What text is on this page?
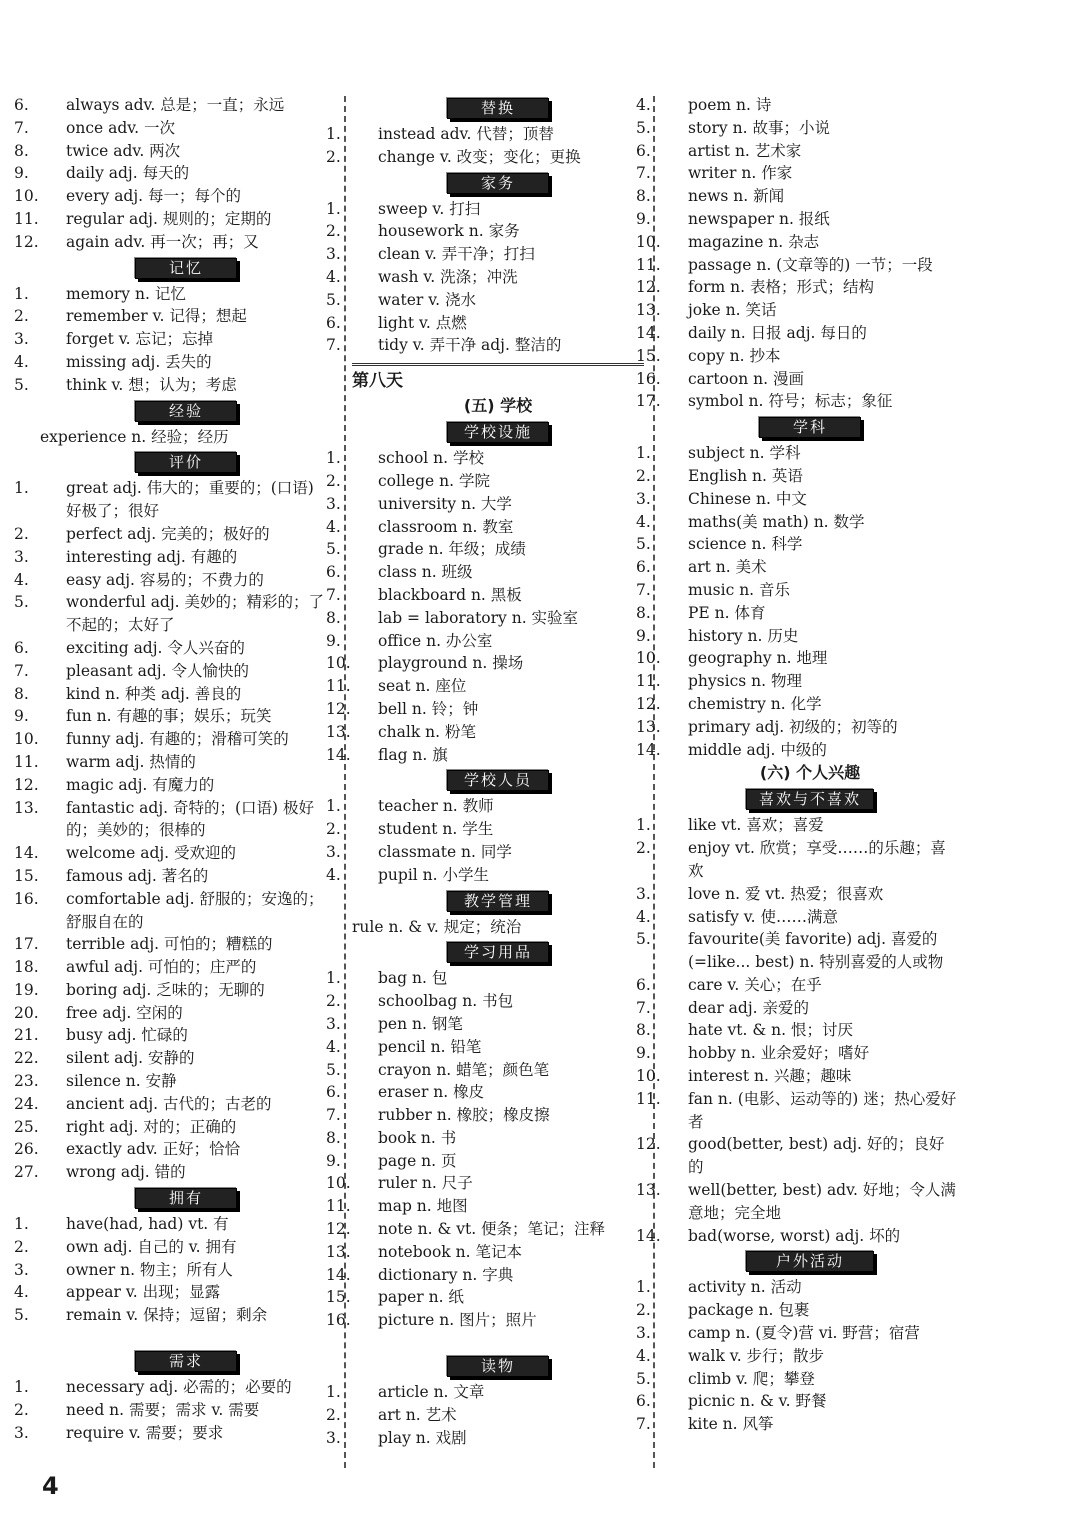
6. always adv. 总是；一直；永远
7. once adv. 一次
8. twice adv. 两次
9. daily adj. 每天的
10. every adj. 每一；每个的
11. regular adj. 规则的；定期的
12. again adv. 再一次；再；又
记忆
1. memory n. 记忆
2. remember v. 记得；想起
3. forget v. 忘记；忘掉
4. missing adj. 丢失的
5. think v. 想；认为；考虑
经验
experience n. 经验；经历
评价
1. great adj. 伟大的；重要的；(口语) 好极了；很好
2. perfect adj. 完美的；极好的
3. interesting adj. 有趣的
4. easy adj. 容易的；不费力的
5. wonderful adj. 美妙的；精彩的；了不起的；太好了
6. exciting adj. 令人兴奋的
7. pleasant adj. 令人愉快的
8. kind n. 种类 adj. 善良的
9. fun n. 有趣的事；娱乐；玩笑
10. funny adj. 有趣的；滑稽可笑的
11. warm adj. 热情的
12. magic adj. 有魔力的
13. fantastic adj. 奇特的；(口语) 极好的；美妙的；很棒的
14. welcome adj. 受欢迎的
15. famous adj. 著名的
16. comfortable adj. 舒服的；安逸的；舒服自在的
17. terrible adj. 可怕的；糟糕的
18. awful adj. 可怕的；庄严的
19. boring adj. 乏味的；无聊的
20. free adj. 空闲的
21. busy adj. 忙碌的
22. silent adj. 安静的
23. silence n. 安静
24. ancient adj. 古代的；古老的
25. right adj. 对的；正确的
26. exactly adv. 正好；恰恰
27. wrong adj. 错的
拥有
1. have(had, had) vt. 有
2. own adj. 自己的 v. 拥有
3. owner n. 物主；所有人
4. appear v. 出现；显露
5. remain v. 保持；逗留；剩余
需求
1. necessary adj. 必需的；必要的
2. need n. 需要；需求 v. 需要
3. require v. 需要；要求
替换
1. instead adv. 代替；顶替
2. change v. 改变；变化；更换
家务
1. sweep v. 打扫
2. housework n. 家务
3. clean v. 弄干净；打扫
4. wash v. 洗涤；冲洗
5. water v. 浇水
6. light v. 点燃
7. tidy v. 弄干净 adj. 整洁的
第八天
(五) 学校
学校设施
1. school n. 学校
2. college n. 学院
3. university n. 大学
4. classroom n. 教室
5. grade n. 年级；成绩
6. class n. 班级
7. blackboard n. 黑板
8. lab = laboratory n. 实验室
9. office n. 办公室
10. playground n. 操场
11. seat n. 座位
12. bell n. 铃；钟
13. chalk n. 粉笔
14. flag n. 旗
学校人员
1. teacher n. 教师
2. student n. 学生
3. classmate n. 同学
4. pupil n. 小学生
教学管理
rule n. & v. 规定；统治
学习用品
1. bag n. 包
2. schoolbag n. 书包
3. pen n. 钢笔
4. pencil n. 铅笔
5. crayon n. 蜡笔；颜色笔
6. eraser n. 橡皮
7. rubber n. 橡胶；橡皮擦
8. book n. 书
9. page n. 页
10. ruler n. 尺子
11. map n. 地图
12. note n. & vt. 便条；笔记；注释
13. notebook n. 笔记本
14. dictionary n. 字典
15. paper n. 纸
16. picture n. 图片；照片
读物
1. article n. 文章
2. art n. 艺术
3. play n. 戏剧
4. poem n. 诗
5. story n. 故事；小说
6. artist n. 艺术家
7. writer n. 作家
8. news n. 新闻
9. newspaper n. 报纸
10. magazine n. 杂志
11. passage n. (文章等的) 一节；一段
12. form n. 表格；形式；结构
13. joke n. 笑话
14. daily n. 日报 adj. 每日的
15. copy n. 抄本
16. cartoon n. 漫画
17. symbol n. 符号；标志；象征
学科
1. subject n. 学科
2. English n. 英语
3. Chinese n. 中文
4. maths(美 math) n. 数学
5. science n. 科学
6. art n. 美术
7. music n. 音乐
8. PE n. 体育
9. history n. 历史
10. geography n. 地理
11. physics n. 物理
12. chemistry n. 化学
13. primary adj. 初级的；初等的
14. middle adj. 中级的
(六) 个人兴趣
喜欢与不喜欢
1. like vt. 喜欢；喜爱
2. enjoy vt. 欣赏；享受……的乐趣；喜欢
3. love n. 爱 vt. 热爱；很喜欢
4. satisfy v. 使……满意
5. favourite(美 favorite) adj. 喜爱的 (=like... best) n. 特别喜爱的人或物
6. care v. 关心；在乎
7. dear adj. 亲爱的
8. hate vt. & n. 恨；讨厌
9. hobby n. 业余爱好；嗜好
10. interest n. 兴趣；趣味
11. fan n. (电影、运动等的) 迷；热心爱好者
12. good(better, best) adj. 好的；良好的
13. well(better, best) adv. 好地；令人满意地；完全地
14. bad(worse, worst) adj. 坏的
户外活动
1. activity n. 活动
2. package n. 包裹
3. camp n. (夏令)营 vi. 野营；宿营
4. walk v. 步行；散步
5. climb v. 爬；攀登
6. picnic n. & v. 野餐
7. kite n. 风筝
4
